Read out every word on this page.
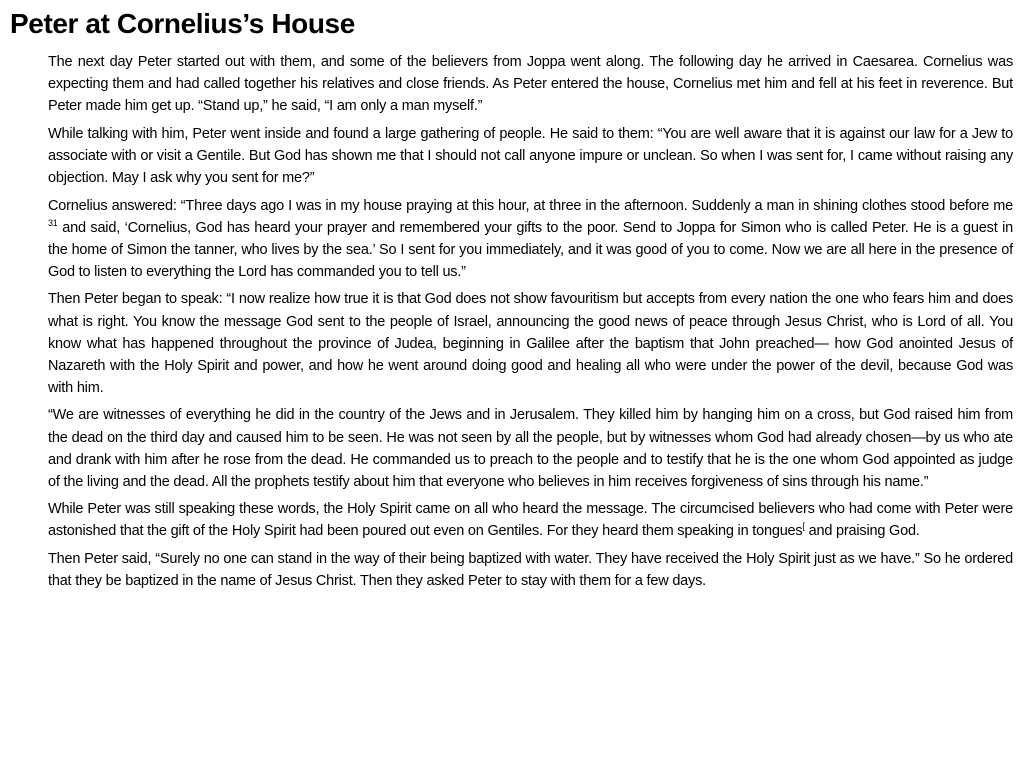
Peter at Cornelius’s House

The next day Peter started out with them, and some of the believers from Joppa went along. The following day he arrived in Caesarea. Cornelius was expecting them and had called together his relatives and close friends. As Peter entered the house, Cornelius met him and fell at his feet in reverence. But Peter made him get up. “Stand up,” he said, “I am only a man myself.”

While talking with him, Peter went inside and found a large gathering of people. He said to them: “You are well aware that it is against our law for a Jew to associate with or visit a Gentile. But God has shown me that I should not call anyone impure or unclean. So when I was sent for, I came without raising any objection. May I ask why you sent for me?”

Cornelius answered: “Three days ago I was in my house praying at this hour, at three in the afternoon. Suddenly a man in shining clothes stood before me $^{31}$ and said, ‘Cornelius, God has heard your prayer and remembered your gifts to the poor. Send to Joppa for Simon who is called Peter. He is a guest in the home of Simon the tanner, who lives by the sea.’ So I sent for you immediately, and it was good of you to come. Now we are all here in the presence of God to listen to everything the Lord has commanded you to tell us.”

Then Peter began to speak: “I now realize how true it is that God does not show favouritism but accepts from every nation the one who fears him and does what is right. You know the message God sent to the people of Israel, announcing the good news of peace through Jesus Christ, who is Lord of all. You know what has happened throughout the province of Judea, beginning in Galilee after the baptism that John preached— how God anointed Jesus of Nazareth with the Holy Spirit and power, and how he went around doing good and healing all who were under the power of the devil, because God was with him.

“We are witnesses of everything he did in the country of the Jews and in Jerusalem. They killed him by hanging him on a cross, but God raised him from the dead on the third day and caused him to be seen. He was not seen by all the people, but by witnesses whom God had already chosen—by us who ate and drank with him after he rose from the dead. He commanded us to preach to the people and to testify that he is the one whom God appointed as judge of the living and the dead. All the prophets testify about him that everyone who believes in him receives forgiveness of sins through his name.”

While Peter was still speaking these words, the Holy Spirit came on all who heard the message. The circumcised believers who had come with Peter were astonished that the gift of the Holy Spirit had been poured out even on Gentiles. For they heard them speaking in tongues[ and praising God.

Then Peter said, “Surely no one can stand in the way of their being baptized with water. They have received the Holy Spirit just as we have.” So he ordered that they be baptized in the name of Jesus Christ. Then they asked Peter to stay with them for a few days.
